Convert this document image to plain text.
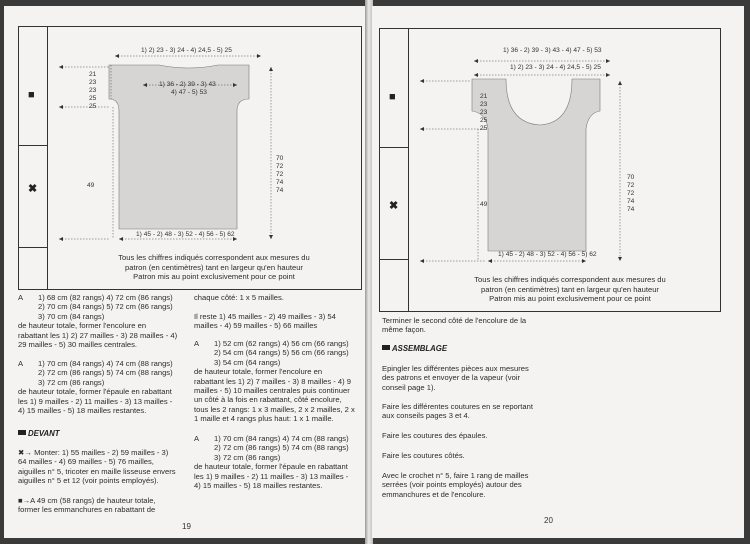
■
✖
1) 2) 23 - 3) 24 - 4) 24,5 - 5) 25
1) 36 - 2) 39 - 3) 43
4) 47 - 5) 53
21
23
23
25
25
70
72
72
74
74
49
1) 45 - 2) 48 - 3) 52 - 4) 56 - 5) 62
Tous les chiffres indiqués correspondent aux mesures du
patron (en centimètres) tant en largeur qu'en hauteur
Patron mis au point exclusivement pour ce point
A	1) 68 cm (82 rangs) 4) 72 cm (86 rangs)

2) 70 cm (84 rangs) 5) 72 cm (86 rangs)

3) 70 cm (84 rangs)

de hauteur totale, former l'encolure en

rabattant les 1) 2) 27 mailles - 3) 28 mailles - 4)

29 mailles - 5) 30 mailles centrales.

A	1) 70 cm (84 rangs) 4) 74 cm (88 rangs)

2) 72 cm (86 rangs) 5) 74 cm (88 rangs)

3) 72 cm (86 rangs)

de hauteur totale, former l'épaule en rabattant

les 1) 9 mailles - 2) 11 mailles - 3) 13 mailles -

4) 15 mailles - 5) 18 mailles restantes.

DEVANT

✖→ Monter: 1) 55 mailles - 2) 59 mailles - 3)

64 mailles - 4) 69 mailles - 5) 76 mailles,

aiguilles n° 5, tricoter en maille lisseuse envers

aiguilles n° 5 et 12 (voir points employés).

■→A 49 cm (58 rangs) de hauteur totale,

former les emmanchures en rabattant de

chaque côté: 1 x 5 mailles.

Il reste 1) 45 mailles - 2) 49 mailles - 3) 54

mailles - 4) 59 mailles - 5) 66 mailles

A	1) 52 cm (62 rangs) 4) 56 cm (66 rangs)

2) 54 cm (64 rangs) 5) 56 cm (66 rangs)

3) 54 cm (64 rangs)

de hauteur totale, former l'encolure en

rabattant les 1) 2) 7 mailles - 3) 8 mailles - 4) 9

mailles - 5) 10 mailles centrales puis continuer

un côté à la fois en rabattant, côté encolure,

tous les 2 rangs: 1 x 3 mailles, 2 x 2 mailles, 2 x

1 maille et 4 rangs plus haut: 1 x 1 maille.

A	1) 70 cm (84 rangs) 4) 74 cm (88 rangs)

2) 72 cm (86 rangs) 5) 74 cm (88 rangs)

3) 72 cm (86 rangs)

de hauteur totale, former l'épaule en rabattant

les 1) 9 mailles - 2) 11 mailles - 3) 13 mailles -

4) 15 mailles - 5) 18 mailles restantes.

19
■
✖
1) 36 - 2) 39 - 3) 43 - 4) 47 - 5) 53
1) 2) 23 - 3) 24 - 4) 24,5 - 5) 25
21
23
23
25
25
70
72
72
74
74
49
1) 45 - 2) 48 - 3) 52 - 4) 56 - 5) 62
Tous les chiffres indiqués correspondent aux mesures du
patron (en centimètres) tant en largeur qu'en hauteur
Patron mis au point exclusivement pour ce point

Terminer le second côté de l'encolure de la

même façon.

ASSEMBLAGE

Epingler les différentes pièces aux mesures

des patrons et envoyer de la vapeur (voir

conseil page 1).

Faire les différentes coutures en se reportant

aux conseils pages 3 et 4.

Faire les coutures des épaules.

Faire les coutures côtés.

Avec le crochet n° 5, faire 1 rang de mailles

serrées (voir points employés) autour des

emmanchures et de l'encolure.

20
